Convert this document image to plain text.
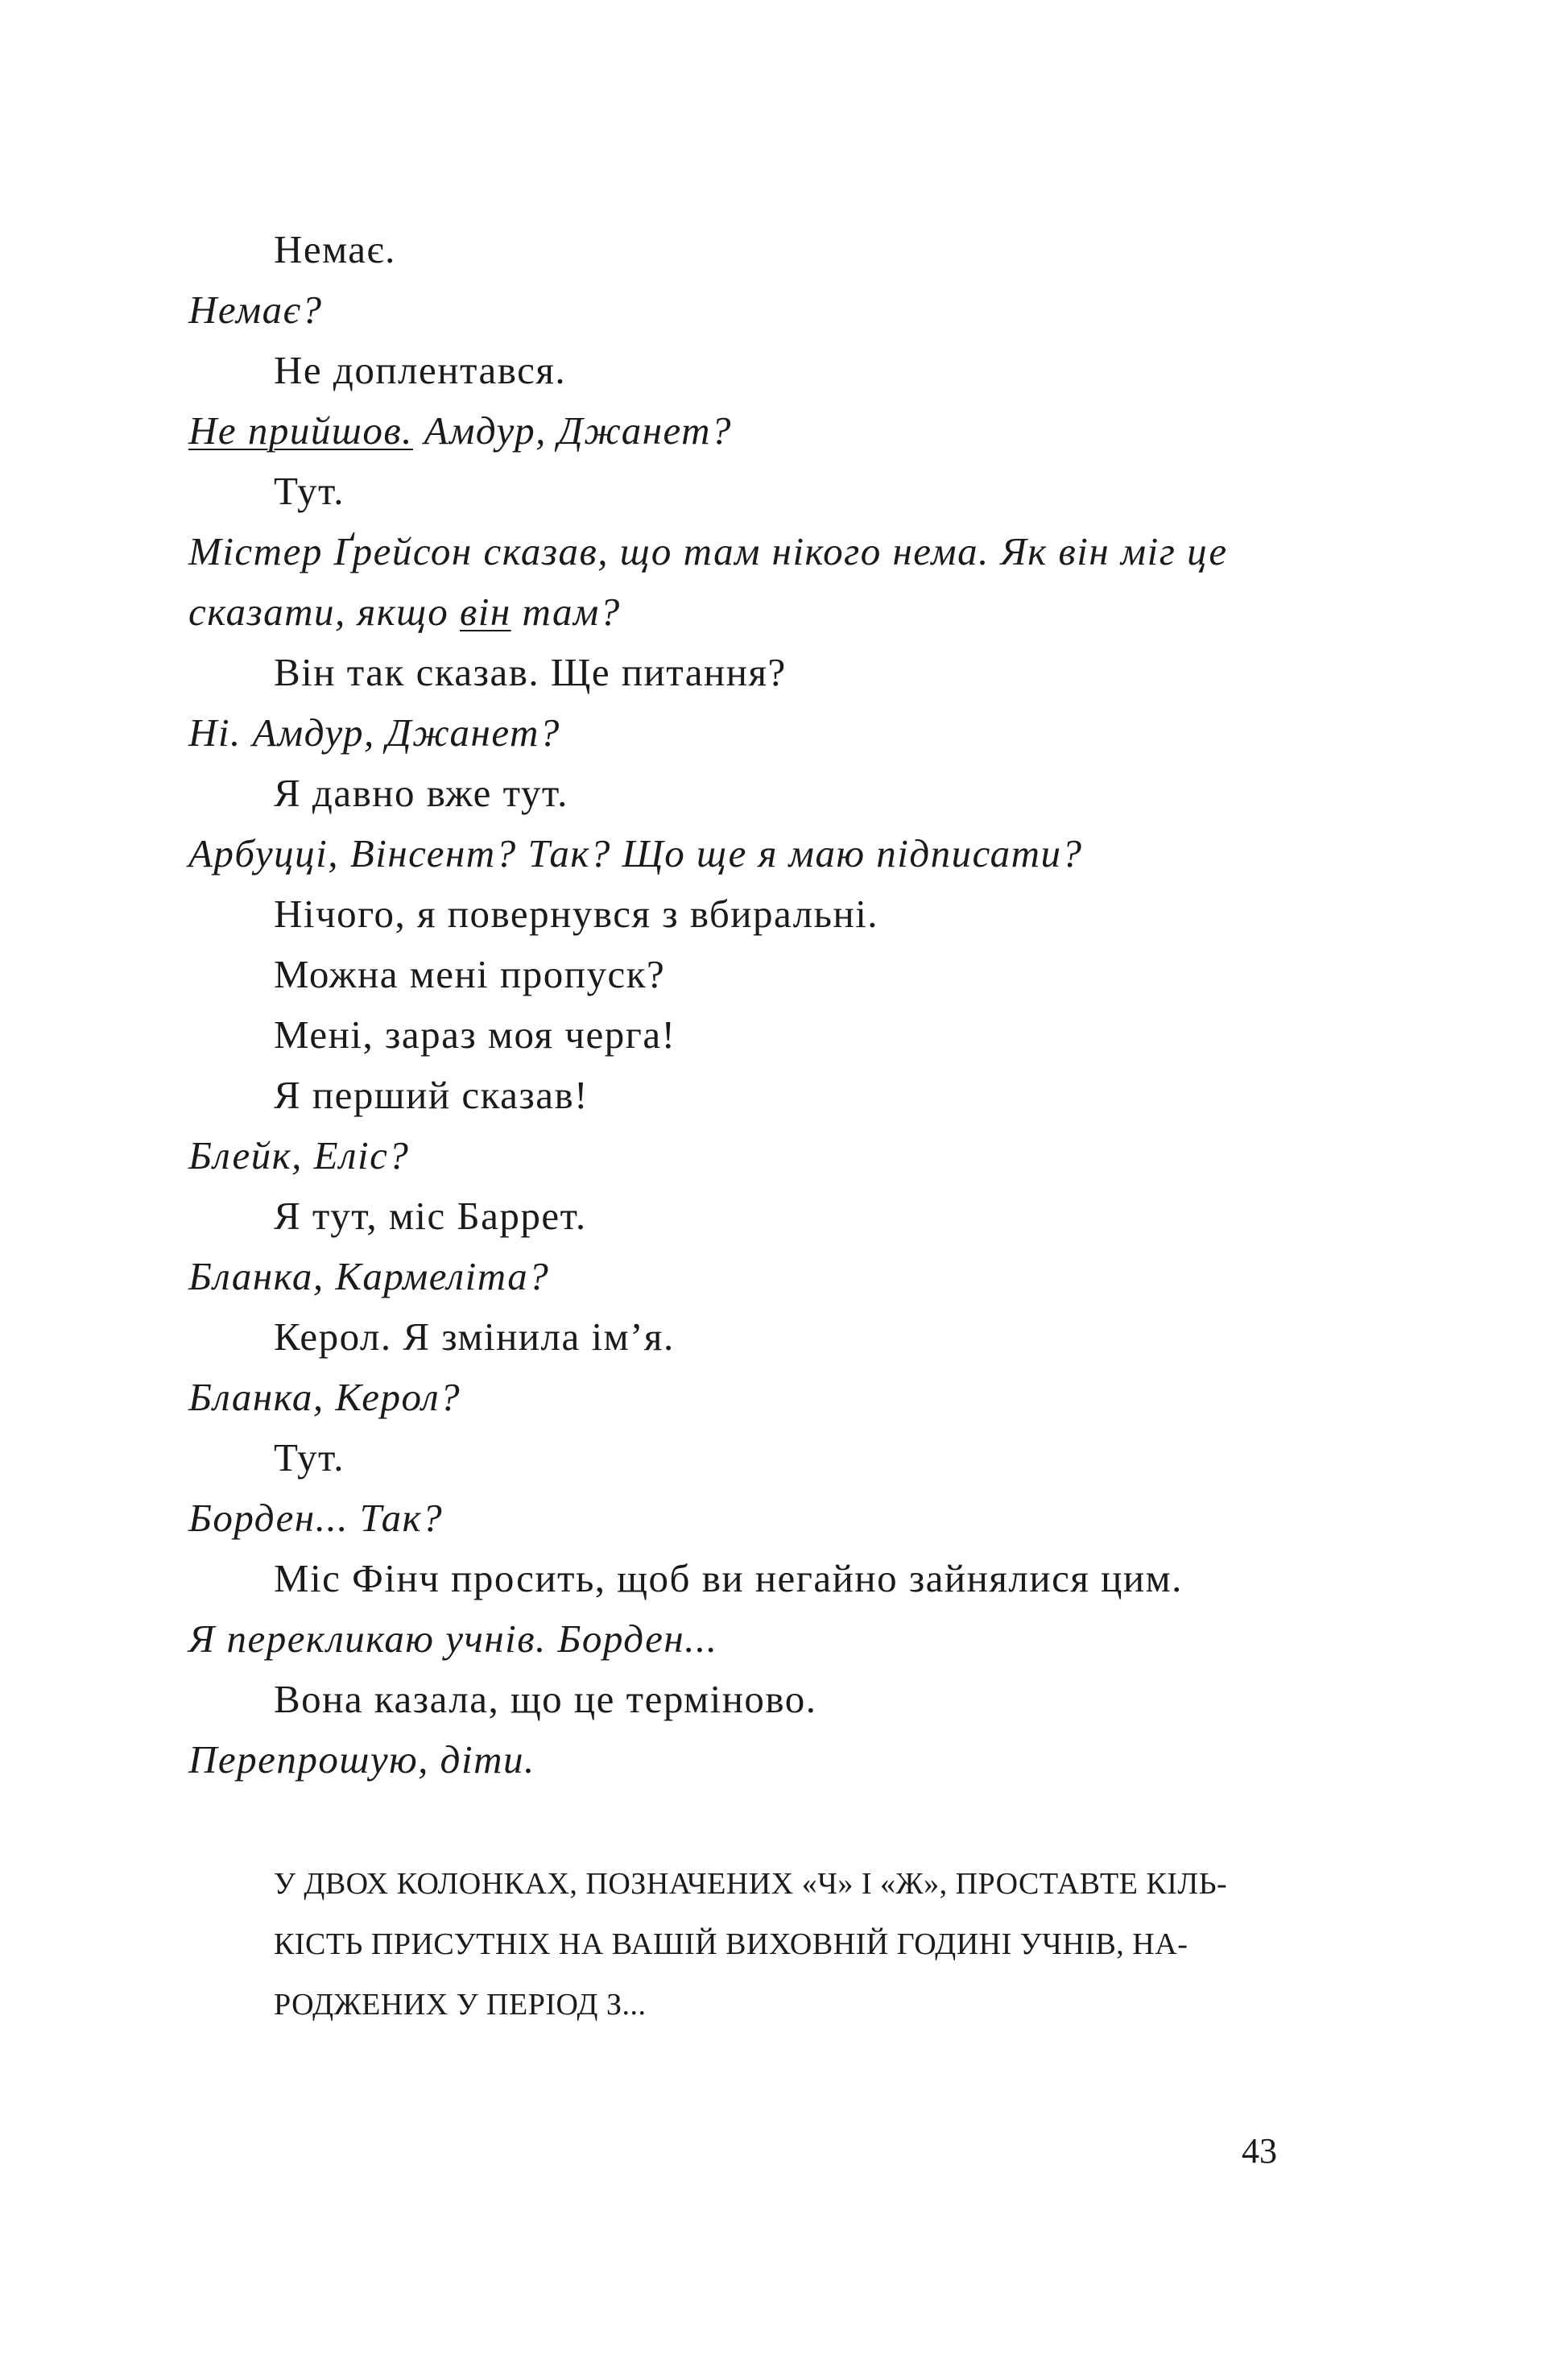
Немає.
Немає?
Не доплентався.
Не прийшов. Амдур, Джанет?
Тут.
Містер Ґрейсон сказав, що там нікого нема. Як він міг це
сказати, якщо він там?
Він так сказав. Ще питання?
Ні. Амдур, Джанет?
Я давно вже тут.
Арбуцці, Вінсент? Так? Що ще я маю підписати?
Нічого, я повернувся з вбиральні.
Можна мені пропуск?
Мені, зараз моя черга!
Я перший сказав!
Блейк, Еліс?
Я тут, міс Баррет.
Бланка, Кармеліта?
Керол. Я змінила ім’я.
Бланка, Керол?
Тут.
Борден... Так?
Міс Фінч просить, щоб ви негайно зайнялися цим.
Я перекликаю учнів. Борден...
Вона казала, що це терміново.
Перепрошую, діти.
У ДВОХ КОЛОНКАХ, ПОЗНАЧЕНИХ «Ч» І «Ж», ПРОСТАВТЕ КІЛЬ-
КІСТЬ ПРИСУТНІХ НА ВАШІЙ ВИХОВНІЙ ГОДИНІ УЧНІВ, НА-
РОДЖЕНИХ У ПЕРІОД З...
43
